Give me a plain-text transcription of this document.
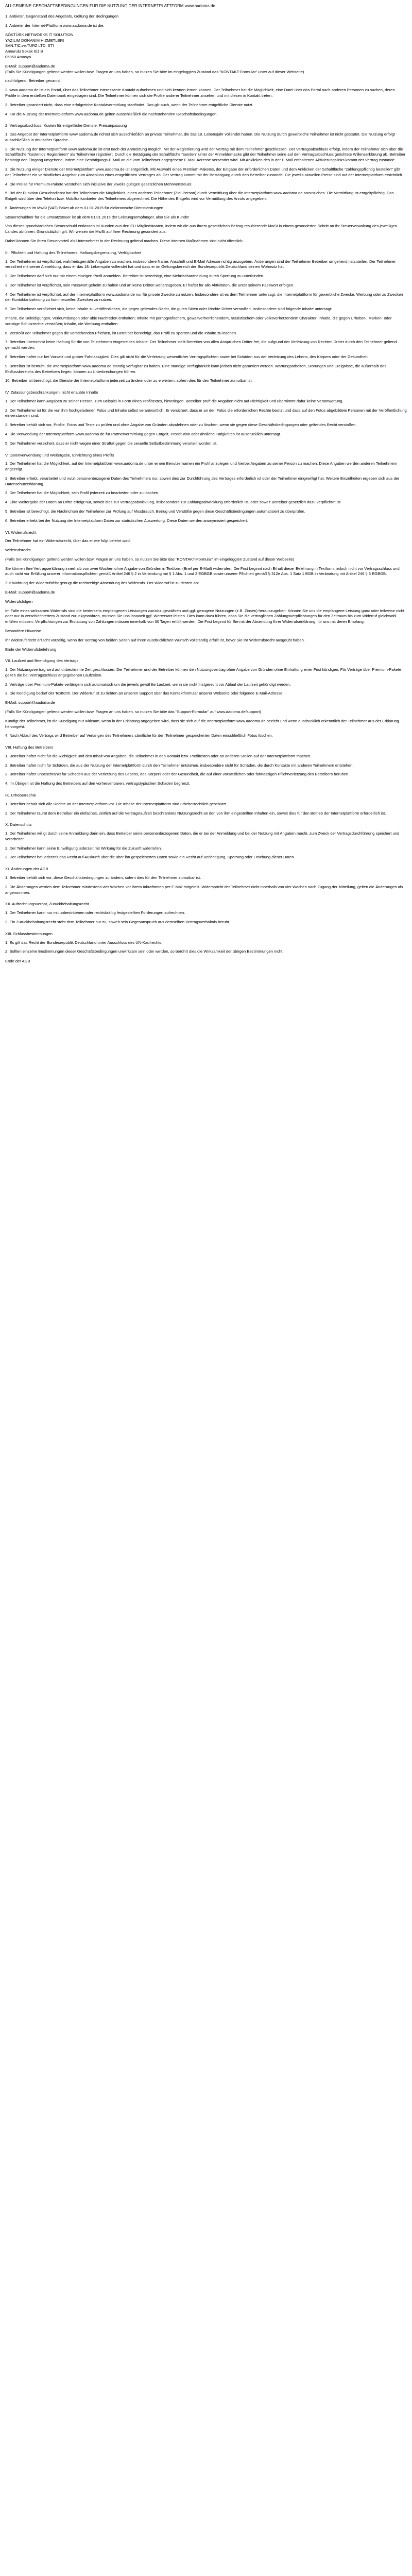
ALLGEMEINE GESCHÄFTSBEDINGUNGEN FÜR DIE NUTZUNG DER INTERNETPLATTFORM www.aadoma.de

1. Anbieter, Gegenstand des Angebots, Geltung der Bedingungen

1. Anbieter der Internet-Plattform www.aadoma.de ist die:

SÖKTÜRK NETWORKS IT SOLUTION
YAZILIM DONANIM HIZMETLERI
SAN.TIC.ve.TURZ LTD. STI
Annurulu Sokak 6/1 B
05050 Amasya
E-Mail: support@aadoma.de
(Falls Sie Kündigungen geltend werden wollen bzw. Fragen an uns haben, so nutzen Sie bitte im eingeloggten Zustand das "KONTAKT-Formular" unter auf dieser Webseite)

nachfolgend: Betreiber genannt

2. www.aadoma.de ist ein Portal, über das Teilnehmer interessante Kontakt aufnehmen und sich kennen lernen können. Der Teilnehmer hat die Möglichkeit, eine Datei über das Portal nach anderen Personen zu suchen, deren Profile in dem erstellten Datenbank eingetragen sind. Die Teilnehmer können sich die Profile anderer Teilnehmer ansehen und mit diesen in Kontakt treten.

3. Betreiber garantiert nicht, dass eine erfolgreiche Kontaktvermittlung stattfindet. Das gilt auch, wenn der Teilnehmer entgeltliche Dienste nutzt.

4. Für die Nutzung der Internetplattform www.aadoma.de gelten ausschließlich die nachstehenden Geschäftsbedingungen.

2. Vertragsabschluss, Kosten für entgeltliche Dienste, Preisanpassung

1. Das Angebot der Internetplattform www.aadoma.de richtet sich ausschließlich an private Teilnehmer, die das 18. Lebensjahr vollendet haben. Die Nutzung durch gewerbliche Teilnehmer ist nicht gestattet. Die Nutzung erfolgt ausschließlich in deutscher Sprache.

2. Die Nutzung der Internetplattform www.aadoma.de ist erst nach der Anmeldung möglich. Mit der Registrierung wird der Vertrag mit dem Teilnehmer geschlossen. Der Vertragsabschluss erfolgt, indem der Teilnehmer sich über die Schaltfläche "kostenlos Registrieren" als Teilnehmer registriert. Durch die Betätigung der Schaltfläche "senden" unter der Anmeldemaske gibt der Teilnehmer seine auf den Vertragsabschluss gerichtete Willenserklärung ab. Betreiber bestätigt den Eingang umgehend, indem eine Bestätigungs-E-Mail an die vom Teilnehmer angegebene E-Mail-Adresse versendet wird. Mit Anklicken des in der E-Mail enthaltenen Aktivierungslinks kommt der Vertrag zustande.

3. Die Nutzung einiger Dienste der Internetplattform www.aadoma.de ist entgeltlich. Mit Auswahl eines Premium-Paketes, der Eingabe der erforderlichen Daten und dem Anklicken der Schaltfläche "zahlungspflichtig bestellen" gibt der Teilnehmer ein verbindliches Angebot zum Abschluss eines entgeltlichen Vertrages ab. Der Vertrag kommt mit der Bestätigung durch den Betreiber zustande. Die jeweils aktuellen Preise sind auf der Internetplattform ersichtlich.

4. Die Preise für Premium-Pakete verstehen sich inklusive der jeweils gültigen gesetzlichen Mehrwertsteuer.

5. Bei der Funktion Gesuchsdienst hat der Teilnehmer die Möglichkeit, einen anderen Teilnehmer (Ziel-Person) durch Vermittlung über die Internetplattform www.aadoma.de anzusuchen. Die Vermittlung ist entgeltpflichtig. Das Entgelt wird über den Telefon bzw. Mobilfunkanbieter des Teilnehmers abgerechnet. Die Höhe des Entgelts wird vor Vermittlung des Anrufs angegeben.

6. Änderungen im MwSt (VAT) Paket ab dem 01.01.2015 für elektronische Dienstleistungen

Steuerschuldner für die Umsatzsteuer ist ab dem 01.01.2015 der Leistungsempfänger, also Sie als Kunde!

Von diesen grundsätzlichen Steuerschuld entlassen ist Kunden aus den EU Mitgliedstaaten, indem wir die aus Ihrem gesetzlichen Beitrag resultierende MwSt in einem gesonderten Schritt an Ihr Steuerverwaltung des jeweiligen Landes abführen. Grundsätzlich gilt: Wir weisen die MwSt auf Ihrer Rechnung gesondert aus.

Dabei können Sie Ihren Steuervorteil als Unternehmer in der Rechnung geltend machen. Diese internen Maßnahmen sind nicht öffentlich.

III. Pflichten und Haftung des Teilnehmers, Haftungsbegrenzung, Verfügbarkeit

1. Der Teilnehmer ist verpflichtet, wahrheitsgemäße Angaben zu machen, insbesondere Name, Anschrift und E-Mail Adresse richtig anzugeben. Änderungen sind der Teilnehmer Betreiber umgehend mitzuteilen. Der Teilnehmer versichert mit seiner Anmeldung, dass er das 18. Lebensjahr vollendet hat und dass er im Geltungsbereich der Bundesrepublik Deutschland seinen Wohnsitz hat.

2. Der Teilnehmer darf sich nur mit einem einzigen Profil anmelden. Betreiber ist berechtigt, eine Mehrfachanmeldung durch Sperrung zu unterbinden.

3. Der Teilnehmer ist verpflichtet, sein Passwort geheim zu halten und an keine Dritten weiterzugeben. Er haftet für alle Aktivitäten, die unter seinem Passwort erfolgen.

4. Der Teilnehmer ist verpflichtet, auf der Internetplattform www.aadoma.de nur für private Zwecke zu nutzen. Insbesondere ist es dem Teilnehmer untersagt, die Internetplattform für gewerbliche Zwecke, Werbung oder zu Zwecken der Kontaktanbahnung zu kommerziellen Zwecken zu nutzen.

5. Der Teilnehmer verpflichtet sich, keine Inhalte zu veröffentlichen, die gegen geltendes Recht, die guten Sitten oder Rechte Dritter verstoßen. Insbesondere sind folgende Inhalte untersagt:

Inhalte, die Beleidigungen, Verleumdungen oder üble Nachreden enthalten; Inhalte mit pornografischem, gewaltverherrlichendem, rassistischem oder volksverhetzendem Charakter; Inhalte, die gegen Urheber-, Marken- oder sonstige Schutzrechte verstoßen; Inhalte, die Werbung enthalten.

6. Verstößt der Teilnehmer gegen die vorstehenden Pflichten, ist Betreiber berechtigt, das Profil zu sperren und die Inhalte zu löschen.

7. Betreiber übernimmt keine Haftung für die von Teilnehmern eingestellten Inhalte. Der Teilnehmer stellt Betreiber von allen Ansprüchen Dritter frei, die aufgrund der Verletzung von Rechten Dritter durch den Teilnehmer geltend gemacht werden.

8. Betreiber haftet nur bei Vorsatz und grober Fahrlässigkeit. Dies gilt nicht für die Verletzung wesentlicher Vertragspflichten sowie bei Schäden aus der Verletzung des Lebens, des Körpers oder der Gesundheit.

9. Betreiber ist bemüht, die Internetplattform www.aadoma.de ständig verfügbar zu halten. Eine ständige Verfügbarkeit kann jedoch nicht garantiert werden. Wartungsarbeiten, Störungen und Ereignisse, die außerhalb des Einflussbereichs des Betreibers liegen, können zu Unterbrechungen führen.

10. Betreiber ist berechtigt, die Dienste der Internetplattform jederzeit zu ändern oder zu erweitern, sofern dies für den Teilnehmer zumutbar ist.

IV. Zulassungsbeschränkungen, nicht erlaubte Inhalte

1. Der Teilnehmer kann Angaben zu seiner Person, zum Beispiel in Form eines Profiltextes, hinterlegen. Betreiber prüft die Angaben nicht auf Richtigkeit und übernimmt dafür keine Verantwortung.

2. Der Teilnehmer ist für die von ihm hochgeladenen Fotos und Inhalte selbst verantwortlich. Er versichert, dass er an den Fotos die erforderlichen Rechte besitzt und dass auf den Fotos abgebildete Personen mit der Veröffentlichung einverstanden sind.

3. Betreiber behält sich vor, Profile, Fotos und Texte zu prüfen und ohne Angabe von Gründen abzulehnen oder zu löschen, wenn sie gegen diese Geschäftsbedingungen oder geltendes Recht verstoßen.

4. Die Verwendung der Internetplattform www.aadoma.de für Partnervermittlung gegen Entgelt, Prostitution oder ähnliche Tätigkeiten ist ausdrücklich untersagt.

5. Der Teilnehmer versichert, dass er nicht wegen einer Straftat gegen die sexuelle Selbstbestimmung verurteilt worden ist.

V. Datenverwendung und Weitergabe, Einrichtung eines Profils

1. Der Teilnehmer hat die Möglichkeit, auf der Internetplattform www.aadoma.de unter einem Benutzernamen ein Profil anzulegen und hierbei Angaben zu seiner Person zu machen. Diese Angaben werden anderen Teilnehmern angezeigt.

2. Betreiber erhebt, verarbeitet und nutzt personenbezogene Daten des Teilnehmers nur, soweit dies zur Durchführung des Vertrages erforderlich ist oder der Teilnehmer eingewilligt hat. Weitere Einzelheiten ergeben sich aus der Datenschutzerklärung.

3. Der Teilnehmer hat die Möglichkeit, sein Profil jederzeit zu bearbeiten oder zu löschen.

4. Eine Weitergabe der Daten an Dritte erfolgt nur, soweit dies zur Vertragsabwicklung, insbesondere zur Zahlungsabwicklung erforderlich ist, oder soweit Betreiber gesetzlich dazu verpflichtet ist.

5. Betreiber ist berechtigt, die Nachrichten der Teilnehmer zur Prüfung auf Missbrauch, Betrug und Verstöße gegen diese Geschäftsbedingungen automatisiert zu überprüfen.

6. Betreiber erhebt bei der Nutzung der Internetplattform Daten zur statistischen Auswertung. Diese Daten werden anonymisiert gespeichert.

VI. Widerrufsrecht

Der Teilnehmer hat ein Widerrufsrecht, über das er wie folgt belehrt wird:

Widerrufsrecht

(Falls Sie Kündigungen geltend werden wollen bzw. Fragen an uns haben, so nutzen Sie bitte das "KONTAKT-Formular" im eingeloggten Zustand auf dieser Webseite)

Sie können Ihre Vertragserklärung innerhalb von zwei Wochen ohne Angabe von Gründen in Textform (Brief per E-Mail) widerrufen. Die Frist beginnt nach Erhalt dieser Belehrung in Textform, jedoch nicht vor Vertragsschluss und auch nicht vor Erfüllung unserer Informationspflichten gemäß Artikel 246 § 2 in Verbindung mit § 1 Abs. 1 und 2 EGBGB sowie unserer Pflichten gemäß § 312e Abs. 1 Satz 1 BGB in Verbindung mit Artikel 246 § 3 EGBGB.

Zur Wahrung der Widerrufsfrist genügt die rechtzeitige Absendung des Widerrufs. Der Widerruf ist zu richten an:

E-Mail: support@aadoma.de

Widerrufsfolgen

Im Falle eines wirksamen Widerrufs sind die beiderseits empfangenen Leistungen zurückzugewähren und ggf. gezogene Nutzungen (z.B. Zinsen) herauszugeben. Können Sie uns die empfangene Leistung ganz oder teilweise nicht oder nur in verschlechtertem Zustand zurückgewähren, müssen Sie uns insoweit ggf. Wertersatz leisten. Dies kann dazu führen, dass Sie die vertraglichen Zahlungsverpflichtungen für den Zeitraum bis zum Widerruf gleichwohl erfüllen müssen. Verpflichtungen zur Erstattung von Zahlungen müssen innerhalb von 30 Tagen erfüllt werden. Die Frist beginnt für Sie mit der Absendung Ihrer Widerrufserklärung, für uns mit deren Empfang.

Besondere Hinweise

Ihr Widerrufsrecht erlischt vorzeitig, wenn der Vertrag von beiden Seiten auf Ihren ausdrücklichen Wunsch vollständig erfüllt ist, bevor Sie Ihr Widerrufsrecht ausgeübt haben.

Ende der Widerrufsbelehrung

VII. Laufzeit und Beendigung des Vertrags

1. Der Nutzungsvertrag wird auf unbestimmte Zeit geschlossen. Der Teilnehmer und der Betreiber können den Nutzungsvertrag ohne Angabe von Gründen ohne Einhaltung einer Frist kündigen. Für Verträge über Premium-Pakete gelten die bei Vertragsschluss angegebenen Laufzeiten.

2. Verträge über Premium-Pakete verlängern sich automatisch um die jeweils gewählte Laufzeit, wenn sie nicht fristgerecht vor Ablauf der Laufzeit gekündigt werden.

3. Die Kündigung bedarf der Textform. Der Widerruf ist zu richten an unseren Support über das Kontaktformular unserer Webseite oder folgende E-Mail-Adresse:

E-Mail: support@aadoma.de

(Falls Sie Kündigungen geltend werden wollen bzw. Fragen an uns haben, so nutzen Sie bitte das "Support-Formular" auf www.aadoma.de/support)

Kündigt der Teilnehmer, ist die Kündigung nur wirksam, wenn in der Erklärung angegeben wird, dass sie sich auf die Internetplattform www.aadoma.de bezieht und wenn ausdrücklich erkenntlich der Teilnehmer aus der Erklärung hervorgeht.

4. Nach Ablauf des Vertrags wird Betreiber auf Verlangen des Teilnehmers sämtliche für den Teilnehmer gespeicherten Daten einschließlich Fotos löschen.

VIII. Haftung des Betreibers

1. Betreiber haftet nicht für die Richtigkeit und den Inhalt von Angaben, die Teilnehmer in den Kontakt bzw. Profiltexten oder an anderen Stellen auf der Internetplattform machen.

2. Betreiber haftet nicht für Schäden, die aus der Nutzung der Internetplattform durch den Teilnehmer entstehen, insbesondere nicht für Schäden, die durch Kontakte mit anderen Teilnehmern entstehen.

3. Betreiber haftet unbeschränkt für Schäden aus der Verletzung des Lebens, des Körpers oder der Gesundheit, die auf einer vorsätzlichen oder fahrlässigen Pflichtverletzung des Betreibers beruhen.

4. Im Übrigen ist die Haftung des Betreibers auf den vorhersehbaren, vertragstypischen Schaden begrenzt.

IX. Urheberrechte

1. Betreiber behält sich alle Rechte an der Internetplattform vor. Die Inhalte der Internetplattform sind urheberrechtlich geschützt.

2. Der Teilnehmer räumt dem Betreiber ein einfaches, zeitlich auf die Vertragslaufzeit beschränktes Nutzungsrecht an den von ihm eingestellten Inhalten ein, soweit dies für den Betrieb der Internetplattform erforderlich ist.

X. Datenschutz

1. Der Teilnehmer willigt durch seine Anmeldung darin ein, dass Betreiber seine personenbezogenen Daten, die er bei der Anmeldung und bei der Nutzung mit Angaben macht, zum Zweck der Vertragsdurchführung speichert und verarbeitet.

2. Der Teilnehmer kann seine Einwilligung jederzeit mit Wirkung für die Zukunft widerrufen.

3. Der Teilnehmer hat jederzeit das Recht auf Auskunft über die über ihn gespeicherten Daten sowie ein Recht auf Berichtigung, Sperrung oder Löschung dieser Daten.

XI. Änderungen der AGB

1. Betreiber behält sich vor, diese Geschäftsbedingungen zu ändern, sofern dies für den Teilnehmer zumutbar ist.

2. Die Änderungen werden dem Teilnehmer mindestens vier Wochen vor ihrem Inkrafttreten per E-Mail mitgeteilt. Widerspricht der Teilnehmer nicht innerhalb von vier Wochen nach Zugang der Mitteilung, gelten die Änderungen als angenommen.

XII. Aufrechnungsverbot, Zurückbehaltungsrecht

1. Der Teilnehmer kann nur mit unbestrittenen oder rechtskräftig festgestellten Forderungen aufrechnen.

2. Ein Zurückbehaltungsrecht steht dem Teilnehmer nur zu, soweit sein Gegenanspruch aus demselben Vertragsverhältnis beruht.

XIII. Schlussbestimmungen

1. Es gilt das Recht der Bundesrepublik Deutschland unter Ausschluss des UN-Kaufrechts.

2. Sollten einzelne Bestimmungen dieser Geschäftsbedingungen unwirksam sein oder werden, so berührt dies die Wirksamkeit der übrigen Bestimmungen nicht.

Ende der AGB
